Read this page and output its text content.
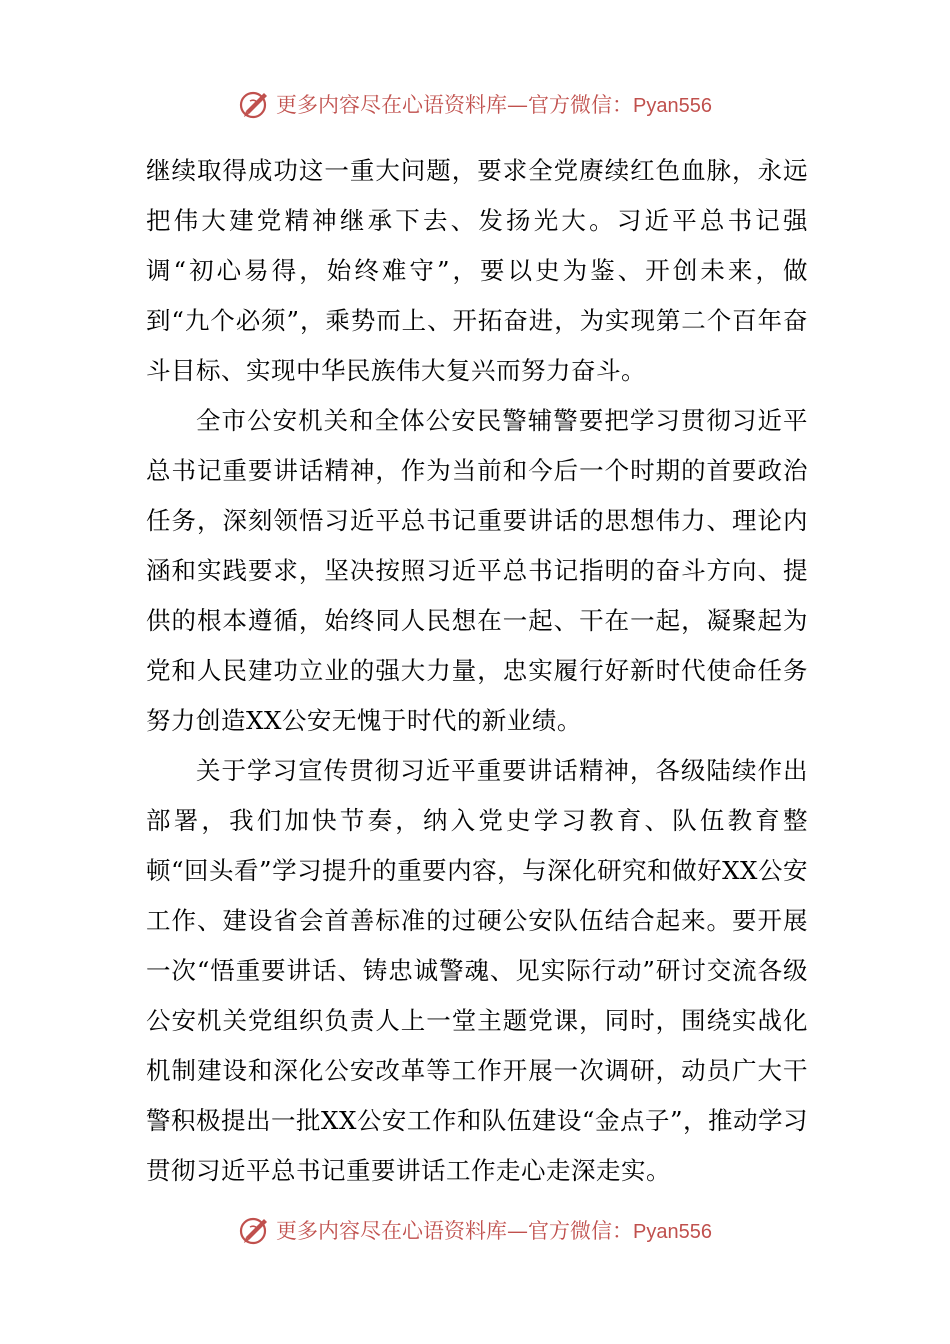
更多内容尽在心语资料库—官方微信：Pyan556

继续取得成功这一重大问题，要求全党赓续红色血脉，永远把伟大建党精神继承下去、发扬光大。习近平总书记强调“初心易得，始终难守”，要以史为鉴、开创未来，做到“九个必须”，乘势而上、开拓奋进，为实现第二个百年奋斗目标、实现中华民族伟大复兴而努力奋斗。

全市公安机关和全体公安民警辅警要把学习贯彻习近平总书记重要讲话精神，作为当前和今后一个时期的首要政治任务，深刻领悟习近平总书记重要讲话的思想伟力、理论内涵和实践要求，坚决按照习近平总书记指明的奋斗方向、提供的根本遵循，始终同人民想在一起、干在一起，凝聚起为党和人民建功立业的强大力量，忠实履行好新时代使命任务努力创造XX公安无愧于时代的新业绩。

关于学习宣传贯彻习近平重要讲话精神，各级陆续作出部署，我们加快节奏，纳入党史学习教育、队伍教育整顿“回头看”学习提升的重要内容，与深化研究和做好XX公安工作、建设省会首善标准的过硬公安队伍结合起来。要开展一次“悟重要讲话、铸忠诚警魂、见实际行动”研讨交流各级公安机关党组织负责人上一堂主题党课，同时，围绕实战化机制建设和深化公安改革等工作开展一次调研，动员广大干警积极提出一批XX公安工作和队伍建设“金点子”，推动学习贯彻习近平总书记重要讲话工作走心走深走实。

更多内容尽在心语资料库—官方微信：Pyan556
